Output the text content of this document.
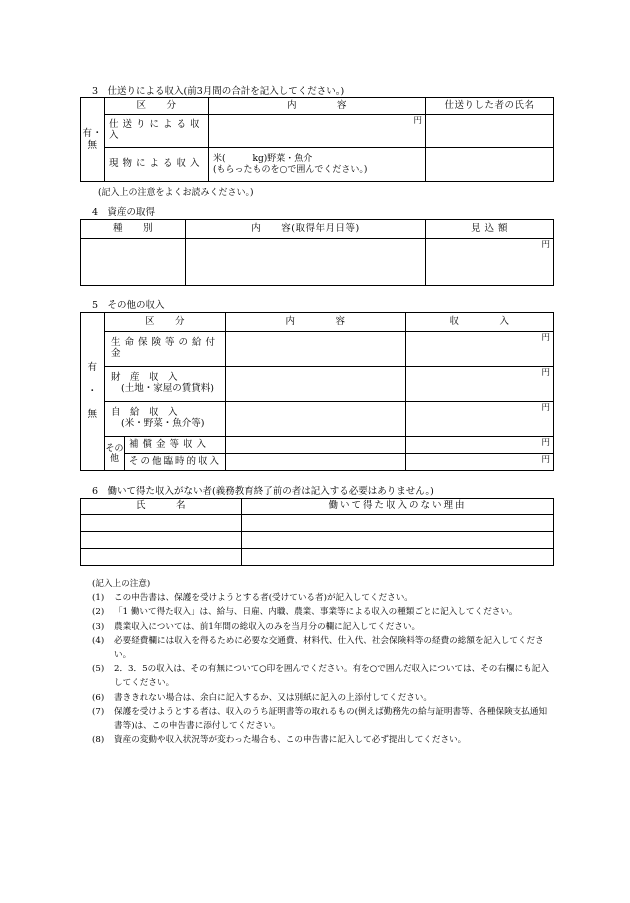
3　仕送りによる収入(前3月間の合計を記入してください。)
有・無	区　　分	内　　　　容	仕送りした者の氏名
	仕送りによる収入	円	
	現物による収入	米(　　　kg)野菜・魚介
(もらったものを○で囲んでください。)	

(記入上の注意をよくお読みください。)
4　資産の取得
種　　別	内　　容(取得年月日等)	見 込 額
		円
5　その他の収入
有

・

無	区　　分		内　　　　容	収　　　　入
	生命保険等の給付金			円

	財　産　収　入
(土地・家屋の賃貸料)			円

	自　給　収　入
(米・野菜・魚介等)			円
	その他	補償金等収入		円
		その他臨時的収入		円
6　働いて得た収入がない者(義務教育終了前の者は記入する必要はありません。)
氏　　　名	働いて得た収入のない理由

(記入上の注意)
(1)	この申告書は、保護を受けようとする者(受けている者)が記入してください。
(2)	「1 働いて得た収入」は、給与、日雇、内職、農業、事業等による収入の種類ごとに記入してください。
(3)	農業収入については、前1年間の総収入のみを当月分の欄に記入してください。
(4)	必要経費欄には収入を得るために必要な交通費、材料代、仕入代、社会保険料等の経費の総額を記入してください。
(5)	2．3．5の収入は、その有無について○印を囲んでください。有を○で囲んだ収入については、その右欄にも記入してください。
(6)	書ききれない場合は、余白に記入するか、又は別紙に記入の上添付してください。
(7)	保護を受けようとする者は、収入のうち証明書等の取れるもの(例えば勤務先の給与証明書等、各種保険支払通知書等)は、この申告書に添付してください。
(8)	資産の変動や収入状況等が変わった場合も、この申告書に記入して必ず提出してください。
